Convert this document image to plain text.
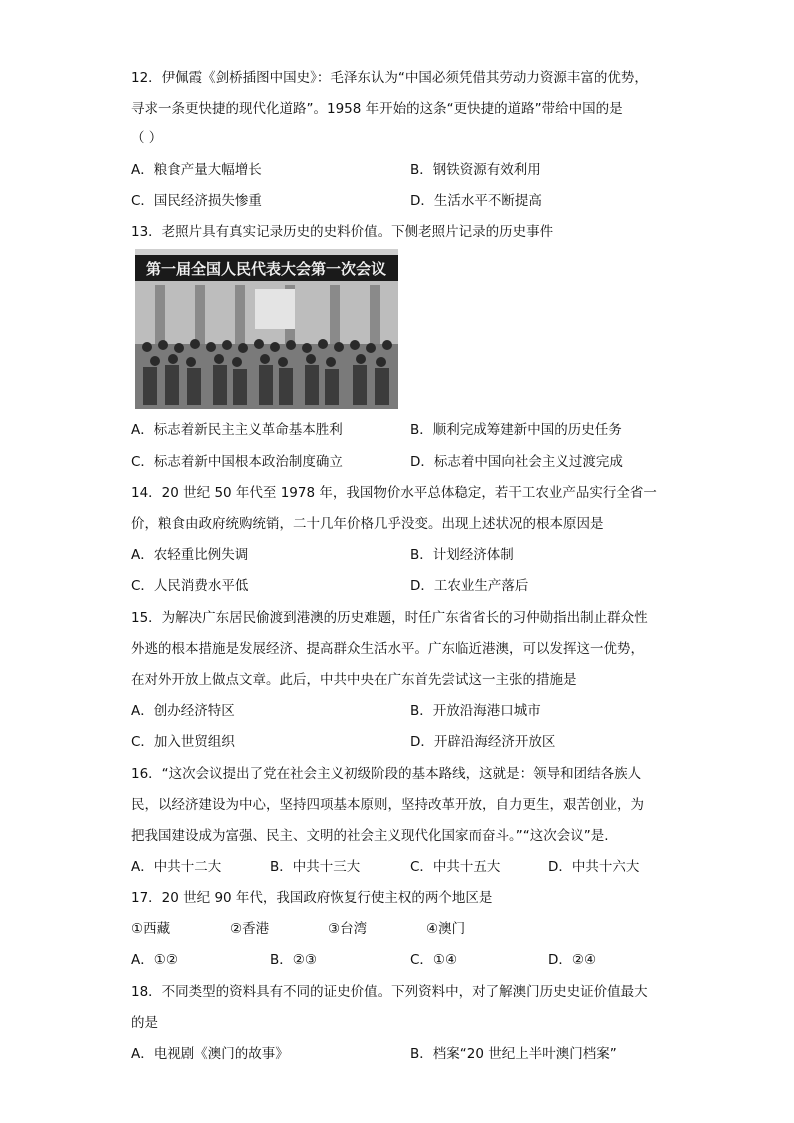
12．伊佩霞《剑桥插图中国史》：毛泽东认为“中国必须凭借其劳动力资源丰富的优势，
寻求一条更快捷的现代化道路”。1958 年开始的这条“更快捷的道路”带给中国的是
（ ）
A．粮食产量大幅增长	B．钢铁资源有效利用
C．国民经济损失惨重	D．生活水平不断提高
13．老照片具有真实记录历史的史料价值。下侧老照片记录的历史事件
第一届全国人民代表大会第一次会议
A．标志着新民主主义革命基本胜利	B．顺利完成筹建新中国的历史任务
C．标志着新中国根本政治制度确立	D．标志着中国向社会主义过渡完成
14．20 世纪 50 年代至 1978 年，我国物价水平总体稳定，若干工农业产品实行全省一
价，粮食由政府统购统销，二十几年价格几乎没变。出现上述状况的根本原因是
A．农轻重比例失调	B．计划经济体制
C．人民消费水平低	D．工农业生产落后
15．为解决广东居民偷渡到港澳的历史难题，时任广东省省长的习仲勋指出制止群众性
外逃的根本措施是发展经济、提高群众生活水平。广东临近港澳，可以发挥这一优势，
在对外开放上做点文章。此后，中共中央在广东首先尝试这一主张的措施是
A．创办经济特区	B．开放沿海港口城市
C．加入世贸组织	D．开辟沿海经济开放区
16．“这次会议提出了党在社会主义初级阶段的基本路线，这就是：领导和团结各族人
民，以经济建设为中心，坚持四项基本原则，坚持改革开放，自力更生，艰苦创业，为
把我国建设成为富强、民主、文明的社会主义现代化国家而奋斗。”“这次会议”是.
A．中共十二大	B．中共十三大	C．中共十五大	D．中共十六大
17．20 世纪 90 年代，我国政府恢复行使主权的两个地区是
①西藏	②香港	③台湾	④澳门
A．①②	B．②③	C．①④	D．②④
18．不同类型的资料具有不同的证史价值。下列资料中，对了解澳门历史史证价值最大
的是
A．电视剧《澳门的故事》	B．档案“20 世纪上半叶澳门档案”
